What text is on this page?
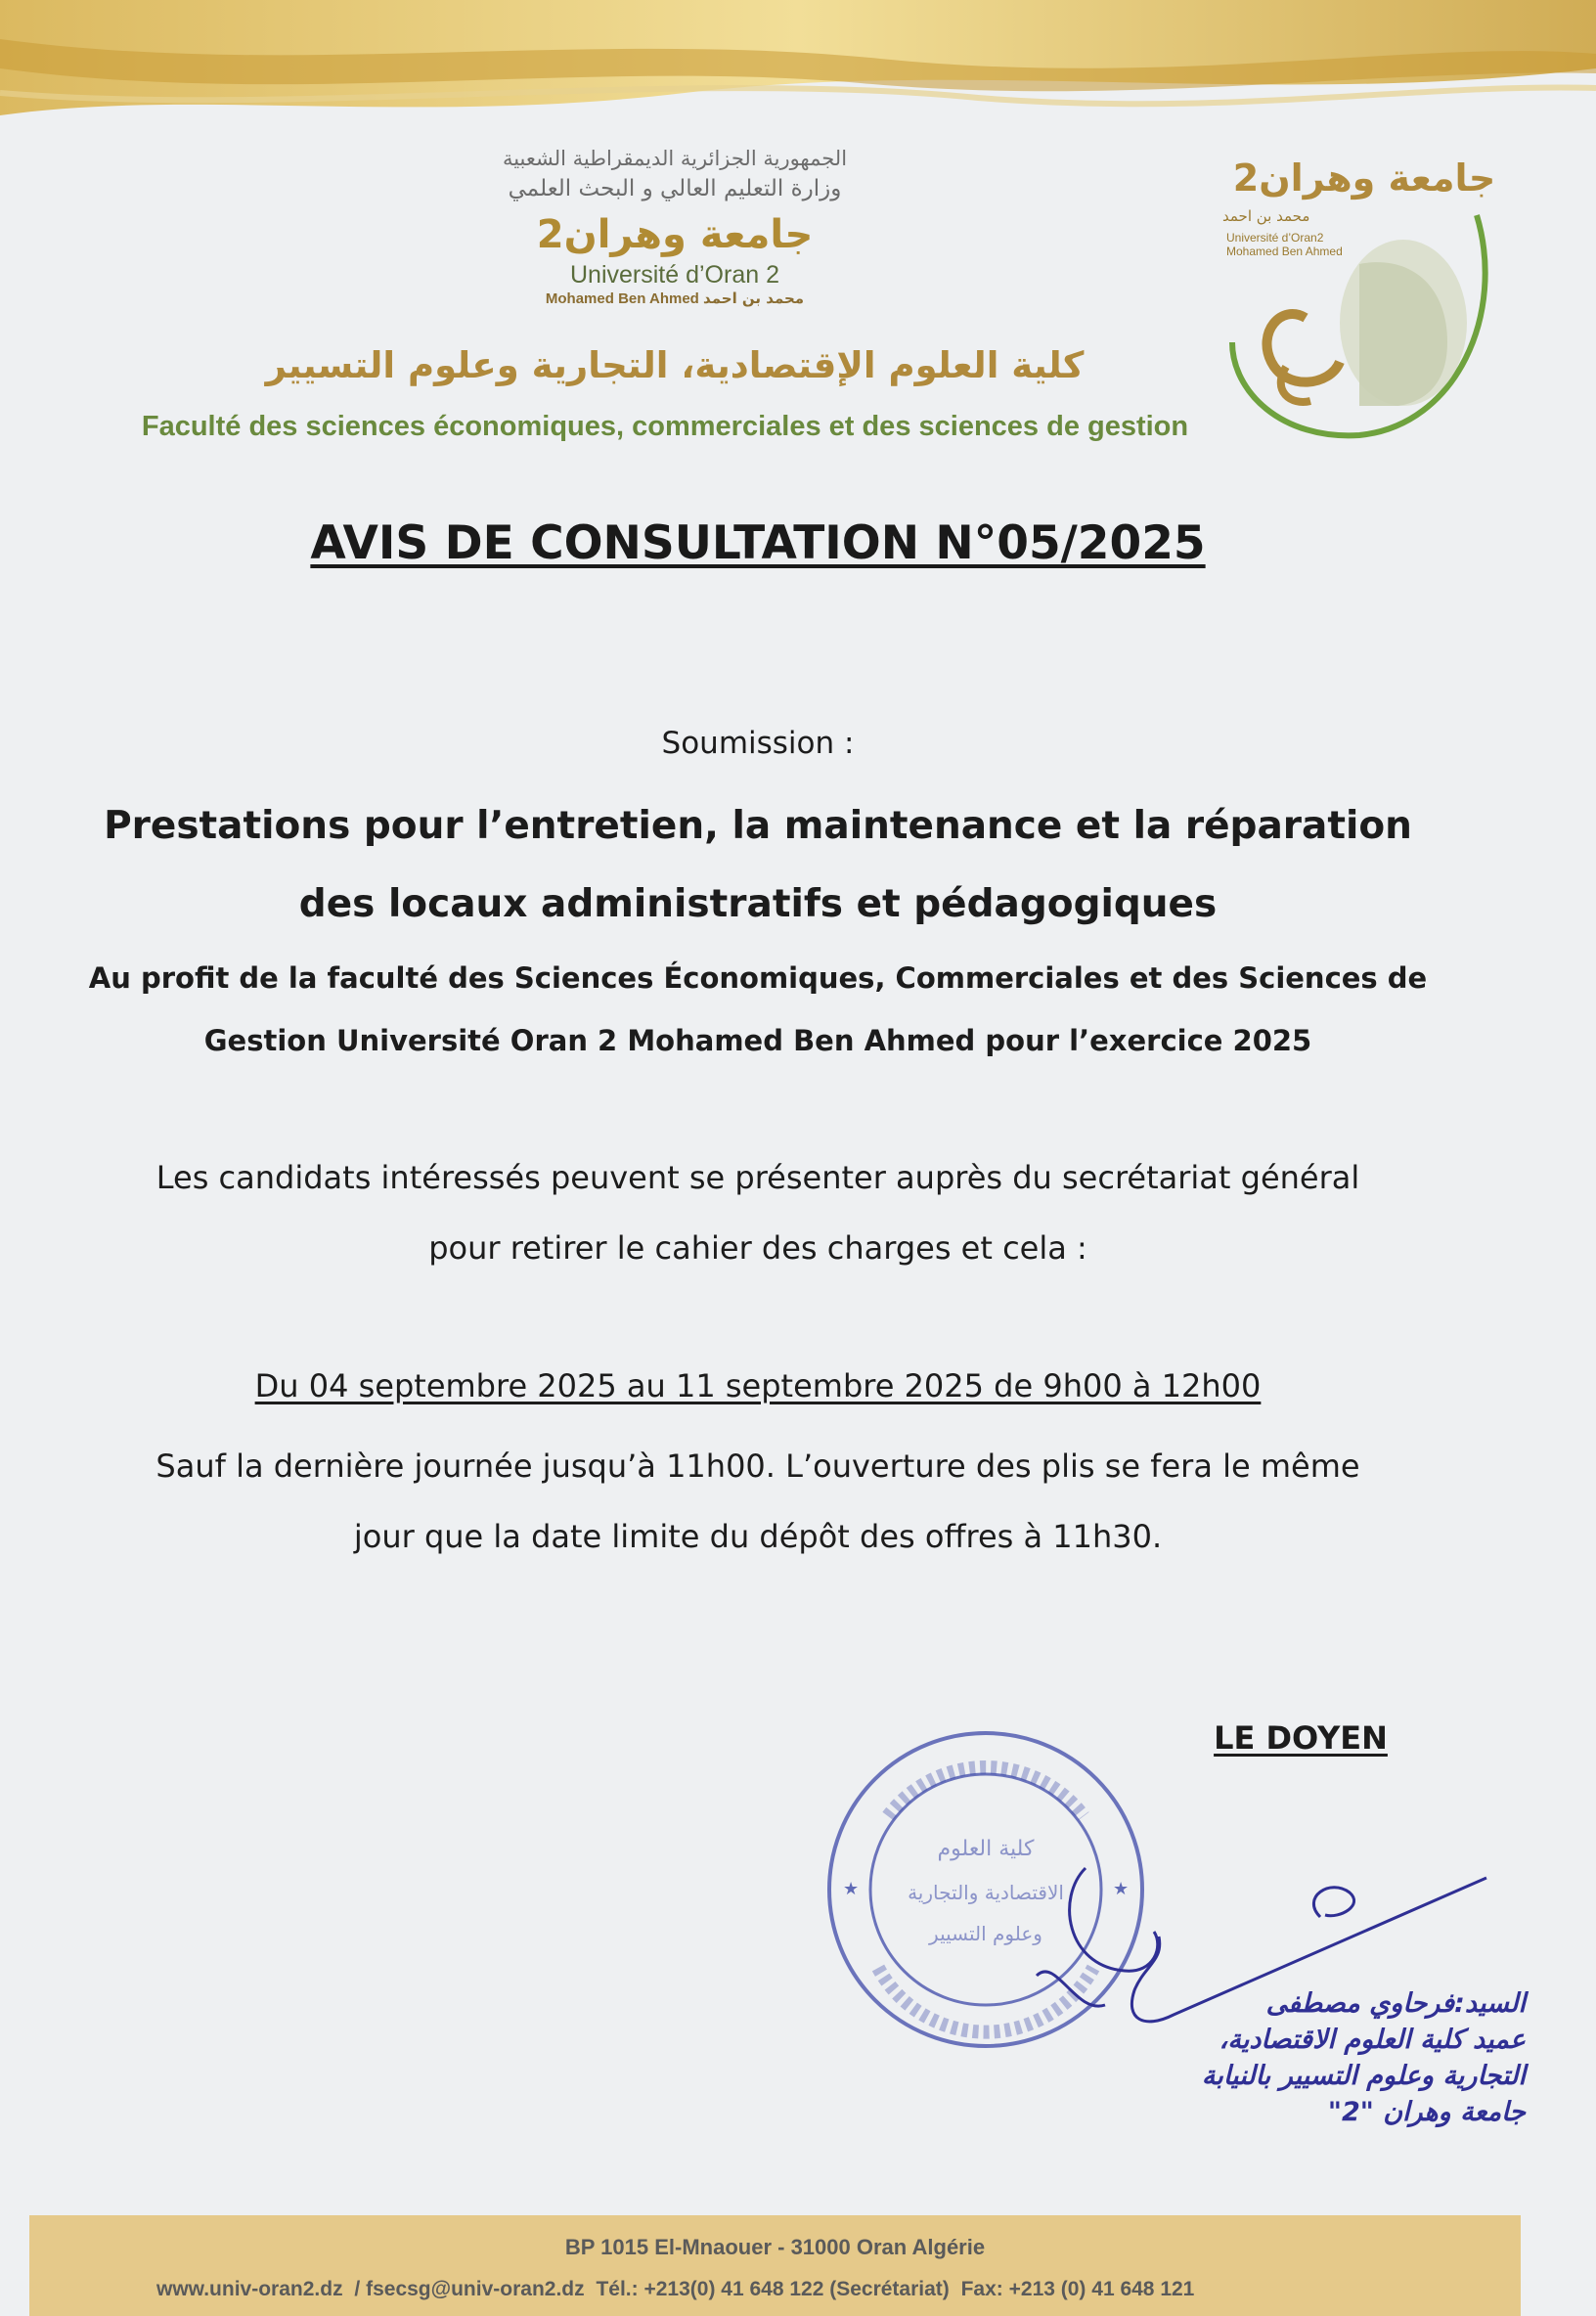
الجمهورية الجزائرية الديمقراطية الشعبية
وزارة التعليم العالي و البحث العلمي
جامعة وهران2
Université d’Oran 2
Mohamed Ben Ahmed محمد بن احمد
كلية العلوم الإقتصادية، التجارية وعلوم التسيير
Faculté des sciences économiques, commerciales et des sciences de gestion
جامعة وهران2
محمد بن احمد
Université d’Oran2
Mohamed Ben Ahmed
AVIS DE CONSULTATION N°05/2025
Soumission :
Prestations pour l’entretien, la maintenance et la réparation
des locaux administratifs et pédagogiques
Au profit de la faculté des Sciences Économiques, Commerciales et des Sciences de
Gestion Université Oran 2 Mohamed Ben Ahmed pour l’exercice 2025
Les candidats intéressés peuvent se présenter auprès du secrétariat général
pour retirer le cahier des charges et cela :
Du 04 septembre 2025 au 11 septembre 2025 de 9h00 à 12h00
Sauf la dernière journée jusqu’à 11h00. L’ouverture des plis se fera le même
jour que la date limite du dépôt des offres à 11h30.
LE DOYEN
★	★
كلية العلوم
الاقتصادية والتجارية
وعلوم التسيير
السيد:فرحاوي مصطفى
عميد كلية العلوم الاقتصادية،
التجارية وعلوم التسيير بالنيابة
جامعة وهران "2"
BP 1015 El-Mnaouer - 31000 Oran Algérie
www.univ-oran2.dz / fsecsg@univ-oran2.dz Tél.: +213(0) 41 648 122 (Secrétariat) Fax: +213 (0) 41 648 121
